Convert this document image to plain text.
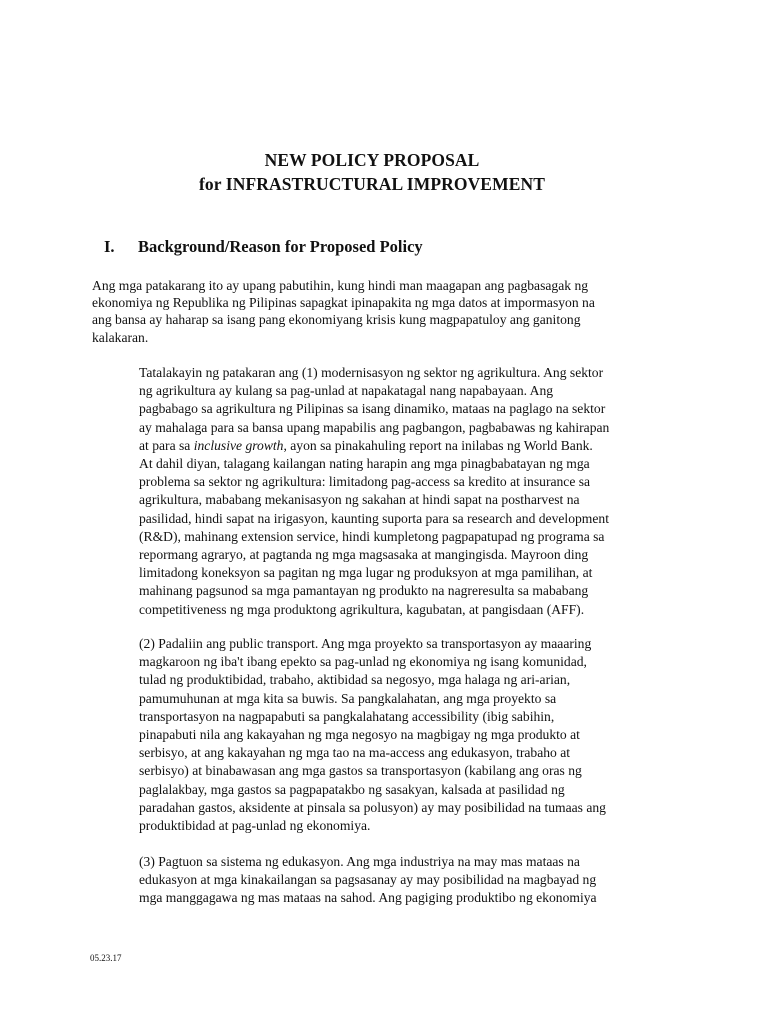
NEW POLICY PROPOSAL
for INFRASTRUCTURAL IMPROVEMENT
I. Background/Reason for Proposed Policy
Ang mga patakarang ito ay upang pabutihin, kung hindi man maagapan ang pagbasagak ng
ekonomiya ng Republika ng Pilipinas sapagkat ipinapakita ng mga datos at impormasyon na
ang bansa ay haharap sa isang pang ekonomiyang krisis kung magpapatuloy ang ganitong
kalakaran.
Tatalakayin ng patakaran ang (1) modernisasyon ng sektor ng agrikultura. Ang sektor
ng agrikultura ay kulang sa pag-unlad at napakatagal nang napabayaan. Ang
pagbabago sa agrikultura ng Pilipinas sa isang dinamiko, mataas na paglago na sektor
ay mahalaga para sa bansa upang mapabilis ang pagbangon, pagbabawas ng kahirapan
at para sa inclusive growth, ayon sa pinakahuling report na inilabas ng World Bank.
At dahil diyan, talagang kailangan nating harapin ang mga pinagbabatayan ng mga
problema sa sektor ng agrikultura: limitadong pag-access sa kredito at insurance sa
agrikultura, mababang mekanisasyon ng sakahan at hindi sapat na postharvest na
pasilidad, hindi sapat na irigasyon, kaunting suporta para sa research and development
(R&D), mahinang extension service, hindi kumpletong pagpapatupad ng programa sa
repormang agraryo, at pagtanda ng mga magsasaka at mangingisda. Mayroon ding
limitadong koneksyon sa pagitan ng mga lugar ng produksyon at mga pamilihan, at
mahinang pagsunod sa mga pamantayan ng produkto na nagreresulta sa mababang
competitiveness ng mga produktong agrikultura, kagubatan, at pangisdaan (AFF).
(2) Padaliin ang public transport. Ang mga proyekto sa transportasyon ay maaaring
magkaroon ng iba't ibang epekto sa pag-unlad ng ekonomiya ng isang komunidad,
tulad ng produktibidad, trabaho, aktibidad sa negosyo, mga halaga ng ari-arian,
pamumuhunan at mga kita sa buwis. Sa pangkalahatan, ang mga proyekto sa
transportasyon na nagpapabuti sa pangkalahatang accessibility (ibig sabihin,
pinapabuti nila ang kakayahan ng mga negosyo na magbigay ng mga produkto at
serbisyo, at ang kakayahan ng mga tao na ma-access ang edukasyon, trabaho at
serbisyo) at binabawasan ang mga gastos sa transportasyon (kabilang ang oras ng
paglalakbay, mga gastos sa pagpapatakbo ng sasakyan, kalsada at pasilidad ng
paradahan gastos, aksidente at pinsala sa polusyon) ay may posibilidad na tumaas ang
produktibidad at pag-unlad ng ekonomiya.
(3) Pagtuon sa sistema ng edukasyon. Ang mga industriya na may mas mataas na
edukasyon at mga kinakailangan sa pagsasanay ay may posibilidad na magbayad ng
mga manggagawa ng mas mataas na sahod. Ang pagiging produktibo ng ekonomiya
05.23.17
